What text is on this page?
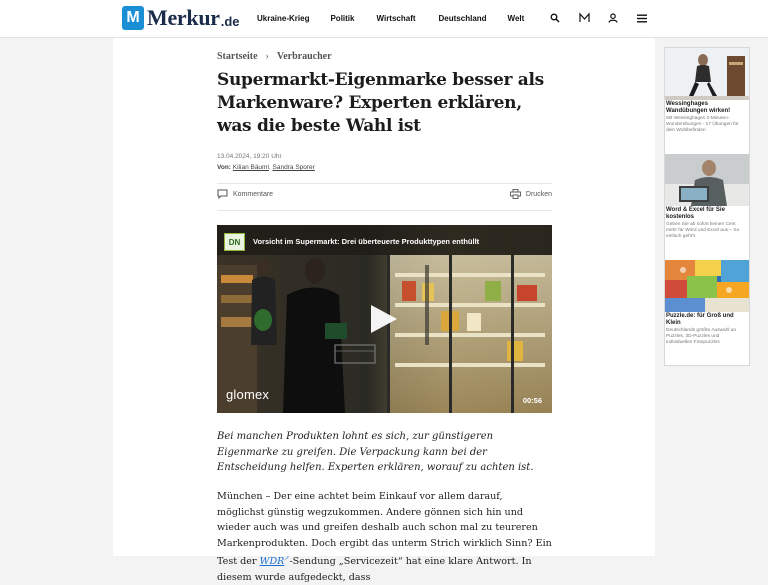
M Merkur .de Ukraine-Krieg	Politik	Wirtschaft	Deutschland	Welt
Startseite › Verbraucher
Supermarkt-Eigenmarke besser als Markenware? Experten erklären, was die beste Wahl ist
13.04.2024, 19:20 Uhr
Von: Kilian Bäuml, Sandra Sporer
Kommentare	Drucken
DN	Vorsicht im Supermarkt: Drei überteuerte Produkttypen enthüllt
glomex	00:56

Bei manchen Produkten lohnt es sich, zur günstigeren Eigenmarke zu greifen. Die Verpackung kann bei der Entscheidung helfen. Experten erklären, worauf zu achten ist.

München – Der eine achtet beim Einkauf vor allem darauf, möglichst günstig wegzukommen. Andere gönnen sich hin und wieder auch was und greifen deshalb auch schon mal zu teureren Markenprodukten. Doch ergibt das unterm Strich wirklich Sinn? Ein Test der WDR↗-Sendung „Servicezeit“ hat eine klare Antwort. In diesem wurde aufgedeckt, dass

Wessinghages Wandübungen wirken!
Mit Wessinghages 3-Minuten-Wunderübungen - 17 Übungen für dein Wohlbefinden
Word & Excel für Sie kostenlos
Geben Sie ab sofort keinen Cent mehr für Word und Excel aus – So einfach geht's
Puzzle.de: für Groß und Klein
Deutschlands größte Auswahl an Puzzles, 3D-Puzzles und individuellen Fotopuzzles
